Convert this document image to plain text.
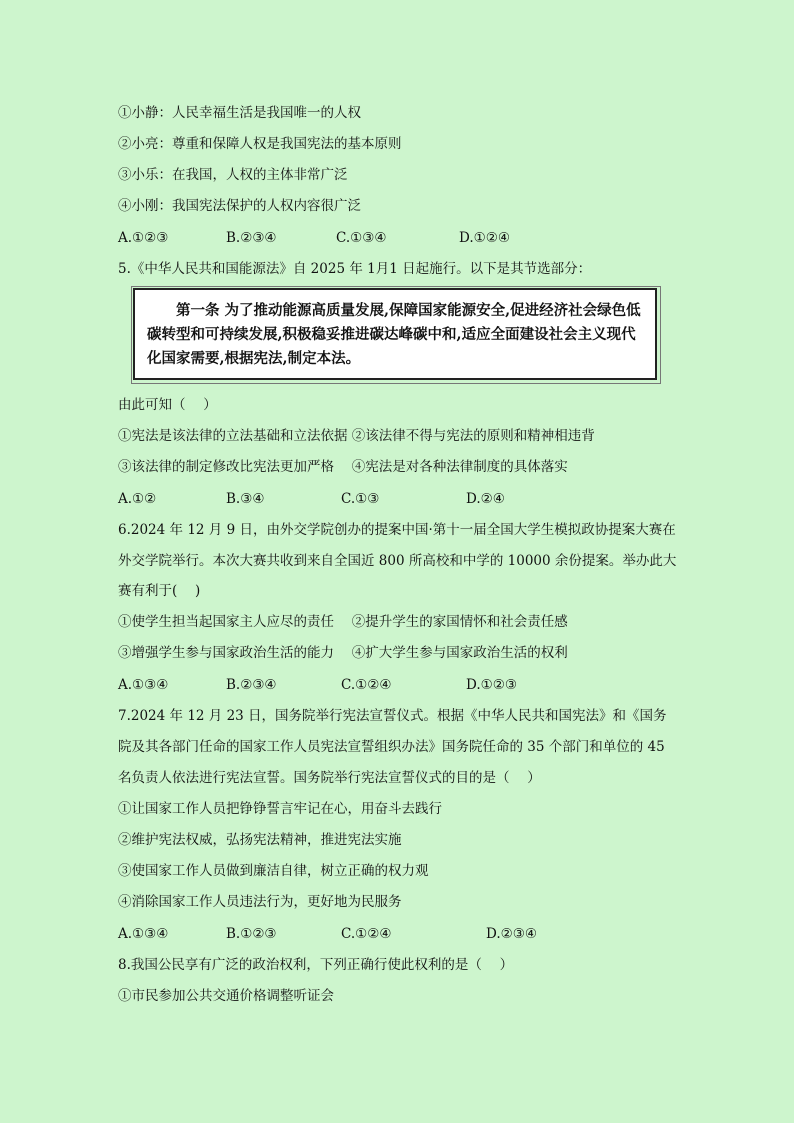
①小静：人民幸福生活是我国唯一的人权
②小亮：尊重和保障人权是我国宪法的基本原则
③小乐：在我国，人权的主体非常广泛
④小刚：我国宪法保护的人权内容很广泛
A.①②③	B.②③④	C.①③④	D.①②④
5.《中华人民共和国能源法》自 2025 年 1月1 日起施行。以下是其节选部分：
第一条 为了推动能源高质量发展,保障国家能源安全,促进经济社会绿色低碳转型和可持续发展,积极稳妥推进碳达峰碳中和,适应全面建设社会主义现代化国家需要,根据宪法,制定本法。
由此可知（　 ）
①宪法是该法律的立法基础和立法依据 ②该法律不得与宪法的原则和精神相违背
③该法律的制定修改比宪法更加严格　 ④宪法是对各种法律制度的具体落实
A.①②	B.③④	C.①③	D.②④
6.2024 年 12 月 9 日，由外交学院创办的提案中国·第十一届全国大学生模拟政协提案大赛在
外交学院举行。本次大赛共收到来自全国近 800 所高校和中学的 10000 余份提案。举办此大
赛有利于(　 )
①使学生担当起国家主人应尽的责任　 ②提升学生的家国情怀和社会责任感
③增强学生参与国家政治生活的能力　 ④扩大学生参与国家政治生活的权利
A.①③④	B.②③④	C.①②④	D.①②③
7.2024 年 12 月 23 日，国务院举行宪法宣誓仪式。根据《中华人民共和国宪法》和《国务
院及其各部门任命的国家工作人员宪法宣誓组织办法》国务院任命的 35 个部门和单位的 45
名负责人依法进行宪法宣誓。国务院举行宪法宣誓仪式的目的是（　 ）
①让国家工作人员把铮铮誓言牢记在心，用奋斗去践行
②维护宪法权威，弘扬宪法精神，推进宪法实施
③使国家工作人员做到廉洁自律，树立正确的权力观
④消除国家工作人员违法行为，更好地为民服务
A.①③④	B.①②③	C.①②④	D.②③④
8.我国公民享有广泛的政治权利，下列正确行使此权利的是（　 ）
①市民参加公共交通价格调整听证会
